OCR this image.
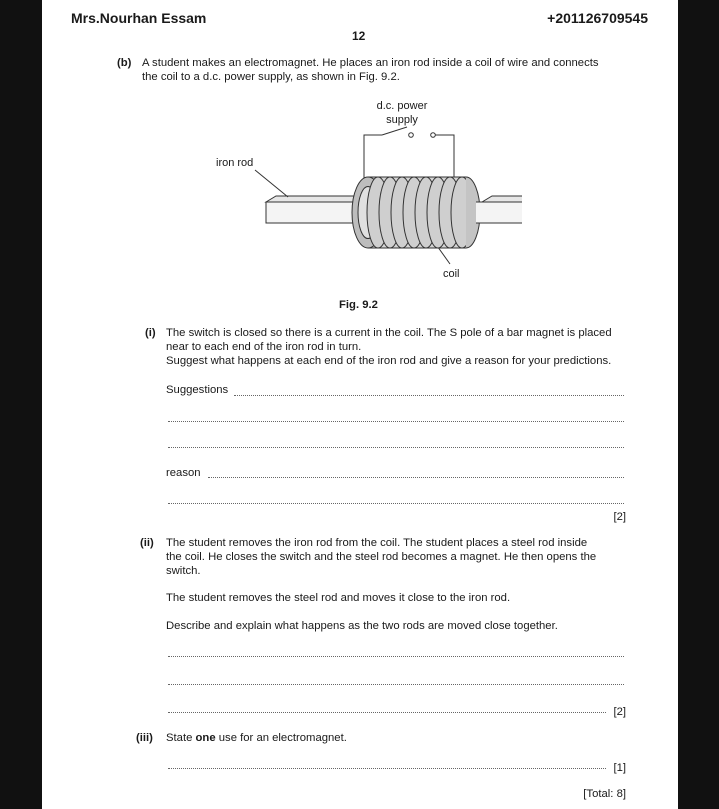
Mrs.Nourhan Essam	+201126709545
12
(b) A student makes an electromagnet. He places an iron rod inside a coil of wire and connects
the coil to a d.c. power supply, as shown in Fig. 9.2.
d.c. power
supply
iron rod
coil
Fig. 9.2
(i) The switch is closed so there is a current in the coil. The S pole of a bar magnet is placed
near to each end of the iron rod in turn.
Suggest what happens at each end of the iron rod and give a reason for your predictions.
Suggestions
reason
[2]
(ii) The student removes the iron rod from the coil. The student places a steel rod inside
the coil. He closes the switch and the steel rod becomes a magnet. He then opens the
switch.
The student removes the steel rod and moves it close to the iron rod.
Describe and explain what happens as the two rods are moved close together.
[2]
(iii) State one use for an electromagnet.
[1]
[Total: 8]
